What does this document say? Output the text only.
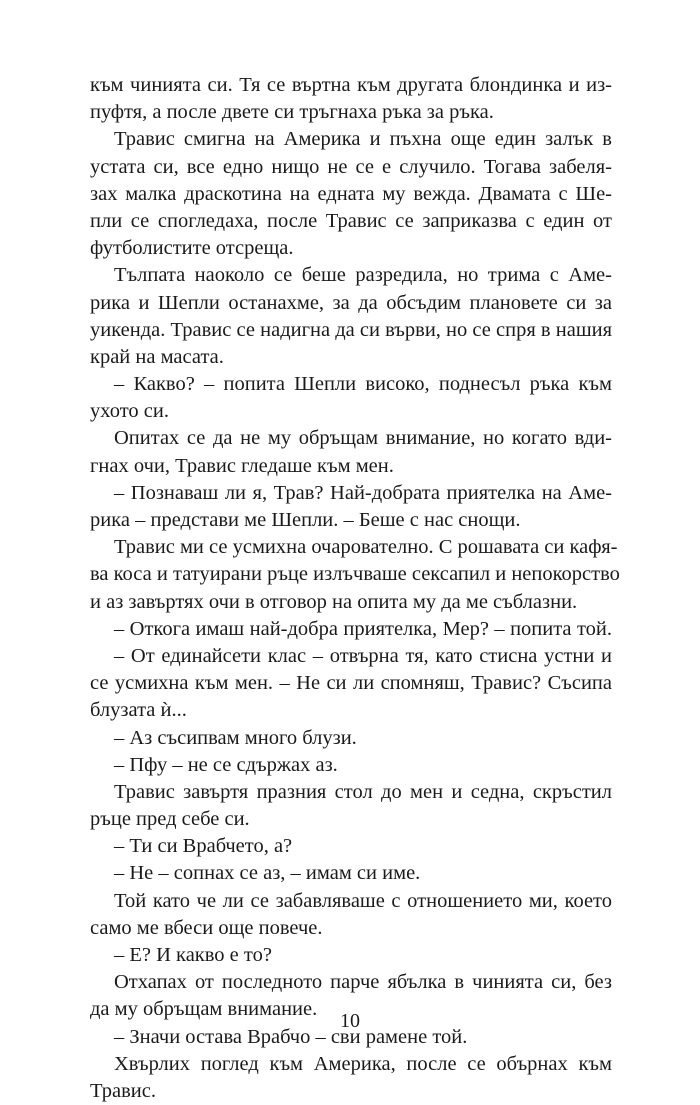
към чинията си. Тя се въртна към другата блондинка и из-
пуфтя, а после двете си тръгнаха ръка за ръка.
Травис смигна на Америка и пъхна още един залък в
устата си, все едно нищо не се е случило. Тогава забеля-
зах малка драскотина на едната му вежда. Двамата с Ше-
пли се спогледаха, после Травис се заприказва с един от
футболистите отсреща.
Тълпата наоколо се беше разредила, но трима с Аме-
рика и Шепли останахме, за да обсъдим плановете си за
уикенда. Травис се надигна да си върви, но се спря в нашия
край на масата.
– Какво? – попита Шепли високо, поднесъл ръка към
ухото си.
Опитах се да не му обръщам внимание, но когато вди-
гнах очи, Травис гледаше към мен.
– Познаваш ли я, Трав? Най-добрата приятелка на Аме-
рика – представи ме Шепли. – Беше с нас снощи.
Травис ми се усмихна очарователно. С рошавата си кафя-
ва коса и татуирани ръце излъчваше сексапил и непокорство
и аз завъртях очи в отговор на опита му да ме съблазни.
– Откога имаш най-добра приятелка, Мер? – попита той.
– От единайсети клас – отвърна тя, като стисна устни и
се усмихна към мен. – Не си ли спомняш, Травис? Съсипа
блузата ѝ...
– Аз съсипвам много блузи.
– Пфу – не се сдържах аз.
Травис завъртя празния стол до мен и седна, скръстил
ръце пред себе си.
– Ти си Врабчето, а?
– Не – сопнах се аз, – имам си име.
Той като че ли се забавляваше с отношението ми, което
само ме вбеси още повече.
– Е? И какво е то?
Отхапах от последното парче ябълка в чинията си, без
да му обръщам внимание.
– Значи остава Врабчо – сви рамене той.
Хвърлих поглед към Америка, после се обърнах към
Травис.
10
